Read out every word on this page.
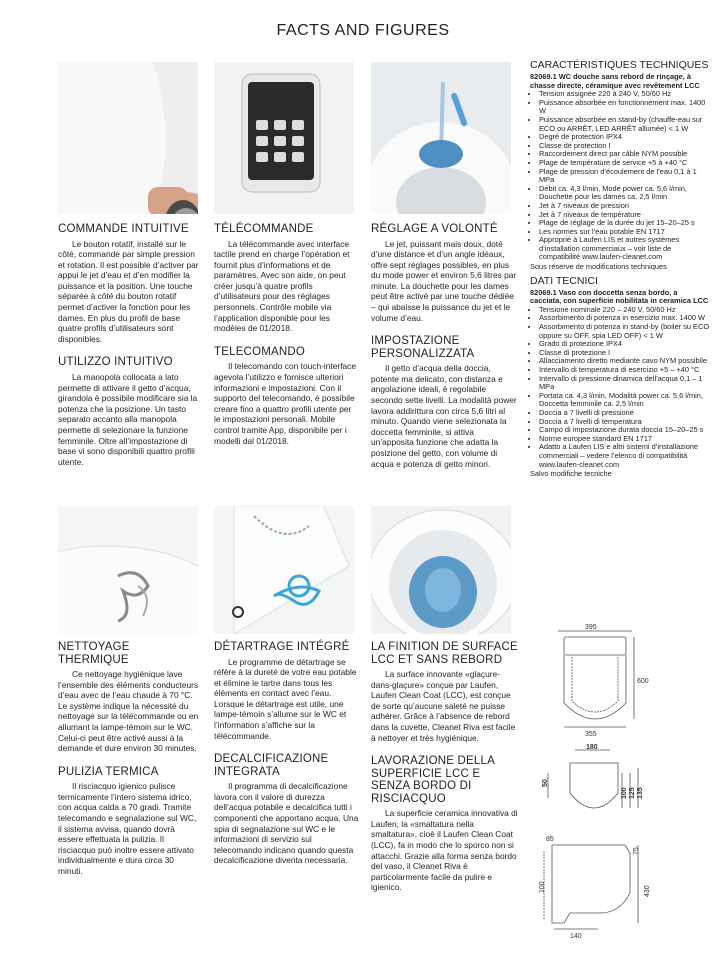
FACTS AND FIGURES
COMMANDE INTUITIVE

Le bouton rotatif, installé sur le côté, commande par simple pression et rotation. Il est possible d’activer par appui le jet d’eau et d’en modifier la puissance et la position. Une touche séparée à côté du bouton rotatif permet d’activer la fonction pour les dames. En plus du profil de base quatre profils d’utilisateurs sont disponibles.

UTILIZZO INTUITIVO

La manopola collocata a lato permette di attivare il getto d’acqua, girandola è possibile modificare sia la potenza che la posizione. Un tasto separato accanto alla manopola permette di selezionare la funzione femminile. Oltre all’impostazione di base vi sono disponibili quattro profili utente.

NETTOYAGE THERMIQUE

Ce nettoyage hygiénique lave l’ensemble des éléments conducteurs d’eau avec de l’eau chaude à 70 °C. Le système indique la nécessité du nettoyage sur la télécommande ou en allumant la lampe-témoin sur le WC. Celui-ci peut être activé aussi à la demande et dure environ 30 minutes.

PULIZIA TERMICA

Il risciacquo igienico pulisce termicamente l’intero sistema idrico, con acqua calda a 70 gradi. Tramite telecomando e segnalazione sul WC, il sistema avvisa, quando dovrà essere effettuata la pulizia. Il risciacquo può inoltre essere attivato individualmente e dura circa 30 minuti.

TÉLÉCOMMANDE

La télécommande avec interface tactile prend en charge l’opération et fournit plus d’informations et de paramètres. Avec son aide, on peut créer jusqu’à quatre profils d’utilisateurs pour des réglages personnels. Contrôle mobile via l’application disponible pour les modèles de 01/2018.

TELECOMANDO

Il telecomando con touch-interface agevola l’utilizzo e fornisce ulteriori informazioni e impostazioni. Con il supporto del telecomando, è possibile creare fino a quattro profili utente per le impostazioni personali. Mobile control tramite App, disponibile per i modelli dal 01/2018.

DÉTARTRAGE INTÉGRÉ

Le programme de détartrage se réfère à la dureté de votre eau potable et élimine le tartre dans tous les éléments en contact avec l’eau. Lorsque le détartrage est utile, une lampe-témoin s’allume sur le WC et l’information s’affiche sur la télécommande.

DECALCIFICAZIONE INTEGRATA

Il programma di decalcificazione lavora con il valore di durezza dell’acqua potabile e decalcifica tutti i componenti che apportano acqua. Una spia di segnalazione sul WC e le informazioni di servizio sul telecomando indicano quando questa decalcificazione diventa necessaria.

RÉGLAGE A VOLONTÉ

Le jet, puissant mais doux, doté d’une distance et d’un angle idéaux, offre sept réglages possibles, en plus du mode power et environ 5,6 litres par minute. La douchette pour les dames peut être activé par une touche dédiée – qui abaisse la puissance du jet et le volume d’eau.

IMPOSTAZIONE PERSONALIZZATA

Il getto d’acqua della doccia, potente ma delicato, con distanza e angolazione ideali, è regolabile secondo sette livelli. La modalità power lavora addirittura con circa 5,6 litri al minuto. Quando viene selezionata la doccetta femminile, si attiva un’apposita funzione che adatta la posizione del getto, con volume di acqua e potenza di getto minori.

LA FINITION DE SURFACE LCC ET SANS REBORD

La surface innovante «glaçure-dans-glaçure» conçue par Laufen, Laufen Clean Coat (LCC), est conçue de sorte qu’aucune saleté ne puisse adhérer. Grâce à l’absence de rebord dans la cuvette, Cleanet Riva est facile à nettoyer et très hygiénique.

LAVORAZIONE DELLA SUPERFICIE LCC E SENZA BORDO DI RISCIACQUO

La superficie ceramica innovativa di Laufen, la «smaltatura nella smaltatura», cioè il Laufen Clean Coat (LCC), fa in modo che lo sporco non si attacchi. Grazie alla forma senza bordo del vaso, il Cleanet Riva è particolarmente facile da pulire e igienico.

CARACTÉRISTIQUES TECHNIQUES
82069.1 WC douche sans rebord de rinçage, à chasse directe, céramique avec revêtement LCC
• Tension assignée 220 à 240 V, 50/60 Hz
• Puissance absorbée en fonctionnement max. 1400 W
• Puissance absorbée en stand-by (chauffe-eau sur ECO ou ARRÊT, LED ARRÊT allumée) < 1 W
• Degré de protection IPX4
• Classe de protection I
• Raccordement direct par câble NYM possible
• Plage de température de service +5 à +40 °C
• Plage de pression d’écoulement de l’eau 0,1 à 1 MPa
• Débit ca. 4,3 l/min, Mode power ca. 5,6 l/min, Douchette pour les dames ca. 2,5 l/min
• Jet à 7 niveaux de pression
• Jet à 7 niveaux de température
• Plage de réglage de la durée du jet 15–20–25 s
• Les normes sur l’eau potable EN 1717
• Approprié à Laufen LIS et autres systèmes d’installation commerciaux – voir liste de compatibilité www.laufen-cleanet.com
Sous réserve de modifications techniques
DATI TECNICI
82069.1 Vaso con doccetta senza bordo, a cacciata, con superficie nobilitata in ceramica LCC
• Tensione nominale 220 – 240 V, 50/60 Hz
• Assorbimento di potenza in esercizio max. 1400 W
• Assorbimento di potenza in stand-by (boiler su ECO oppure su OFF, spia LED OFF) < 1 W
• Grado di protezione IPX4
• Classe di protezione I
• Allacciamento diretto mediante cavo NYM possibile
• Intervallo di temperatura di esercizio +5 – +40 °C
• Intervallo di pressione dinamica dell’acqua 0,1 – 1 MPa
• Portata ca. 4,3 l/min, Modalità power ca. 5,6 l/min, Doccetta femminile ca. 2,5 l/min
• Doccia a 7 livelli di pressione
• Doccia a 7 livelli di temperatura
• Campo di impostazione durata doccia 15–20–25 s
• Norme europee standard EN 1717
• Adatto a Laufen LIS e altri sistemi d’installazione commerciali – vedere l’elenco di compatibilità www.laufen-cleanet.com
Salvo modifiche tecniche
395
600
355
180
50
100 125 135
85
75
100	430
140
